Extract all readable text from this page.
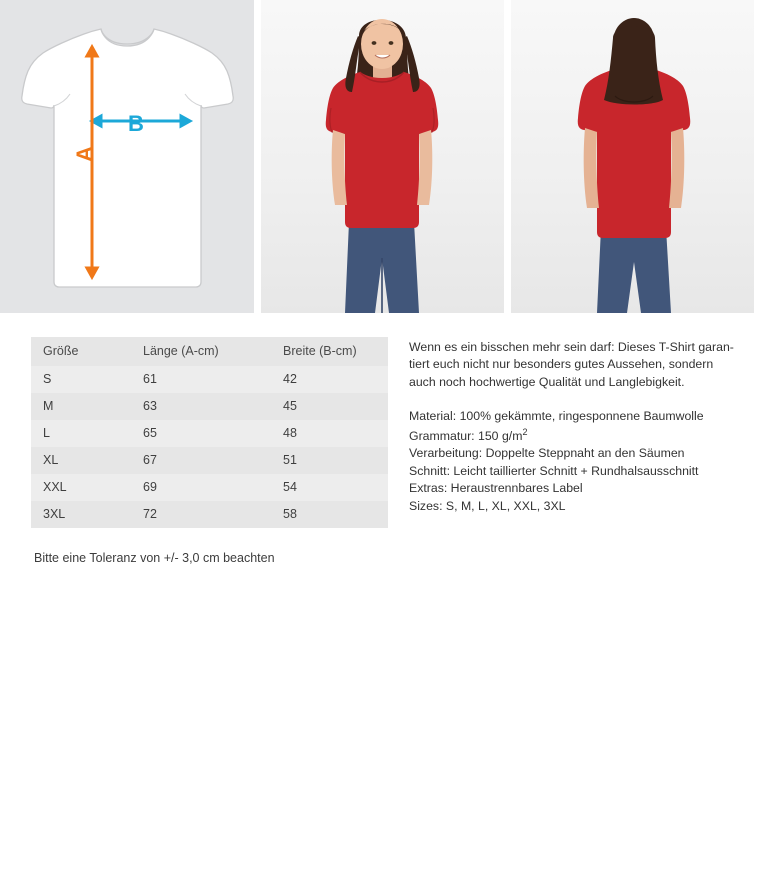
B
A
Größe	Länge (A-cm)	Breite (B-cm)
S	61	42
M	63	45
L	65	48
XL	67	51
XXL	69	54
3XL	72	58
Bitte eine Toleranz von +/- 3,0 cm beachten

Wenn es ein bisschen mehr sein darf: Dieses T-Shirt garan-

tiert euch nicht nur besonders gutes Aussehen, sondern

auch noch hochwertige Qualität und Langlebigkeit.

Material: 100% gekämmte, ringesponnene Baumwolle
Grammatur: 150 $g/m^2$
Verarbeitung: Doppelte Steppnaht an den Säumen
Schnitt: Leicht taillierter Schnitt + Rundhalsausschnitt
Extras: Heraustrennbares Label
Sizes: S, M, L, XL, XXL, 3XL
